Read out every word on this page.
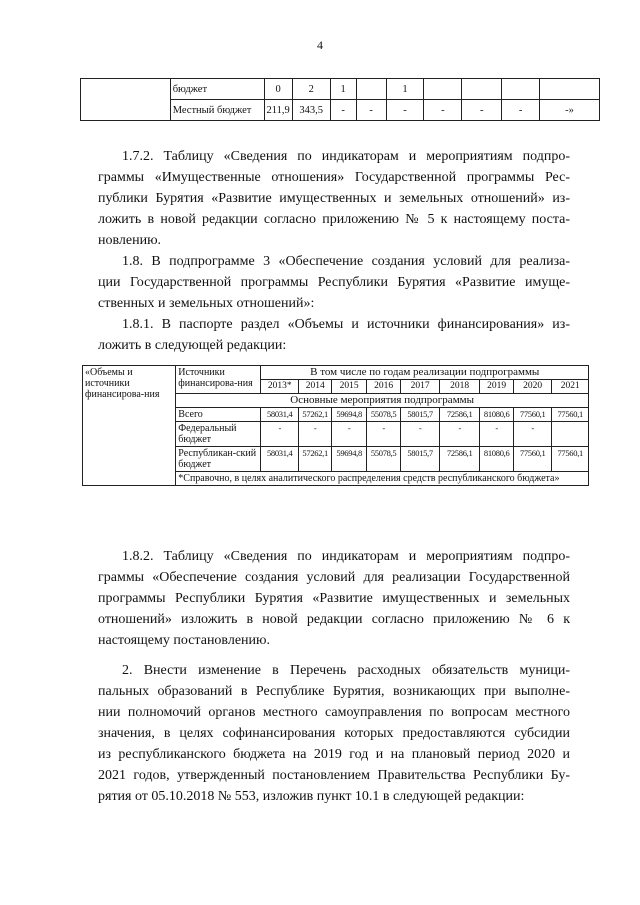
4
	бюджет	0	2	1		1				
	Местный бюджет	211,9	343,5	-	-	-	-	-	-	-»
1.7.2. Таблицу «Сведения по индикаторам и мероприятиям подпро-
граммы «Имущественные отношения» Государственной программы Рес-
публики Бурятия «Развитие имущественных и земельных отношений» из-
ложить в новой редакции согласно приложению № 5 к настоящему поста-
новлению.
1.8. В подпрограмме 3 «Обеспечение создания условий для реализа-
ции Государственной программы Республики Бурятия «Развитие имуще-
ственных и земельных отношений»:
1.8.1. В паспорте раздел «Объемы и источники финансирования» из-
ложить в следующей редакции:
«Объемы и источники финансирова-ния	Источники финансирова-ния	В том числе по годам реализации подпрограммы								
		2013*	2014	2015	2016	2017	2018	2019	2020	2021
	Основные мероприятия подпрограммы									
	Всего	58031,4	57262,1	59694,8	55078,5	58015,7	72586,1	81080,6	77560,1	77560,1
	Федеральный бюджет	-	-	-	-	-	-	-	-	
	Республикан-ский бюджет	58031,4	57262,1	59694,8	55078,5	58015,7	72586,1	81080,6	77560,1	77560,1
	*Справочно, в целях аналитического распределения средств республиканского бюджета»									
1.8.2. Таблицу «Сведения по индикаторам и мероприятиям подпро-
граммы «Обеспечение создания условий для реализации Государственной
программы Республики Бурятия «Развитие имущественных и земельных
отношений» изложить в новой редакции согласно приложению № 6 к
настоящему постановлению.
2. Внести изменение в Перечень расходных обязательств муници-
пальных образований в Республике Бурятия, возникающих при выполне-
нии полномочий органов местного самоуправления по вопросам местного
значения, в целях софинансирования которых предоставляются субсидии
из республиканского бюджета на 2019 год и на плановый период 2020 и
2021 годов, утвержденный постановлением Правительства Республики Бу-
рятия от 05.10.2018 № 553, изложив пункт 10.1 в следующей редакции:
